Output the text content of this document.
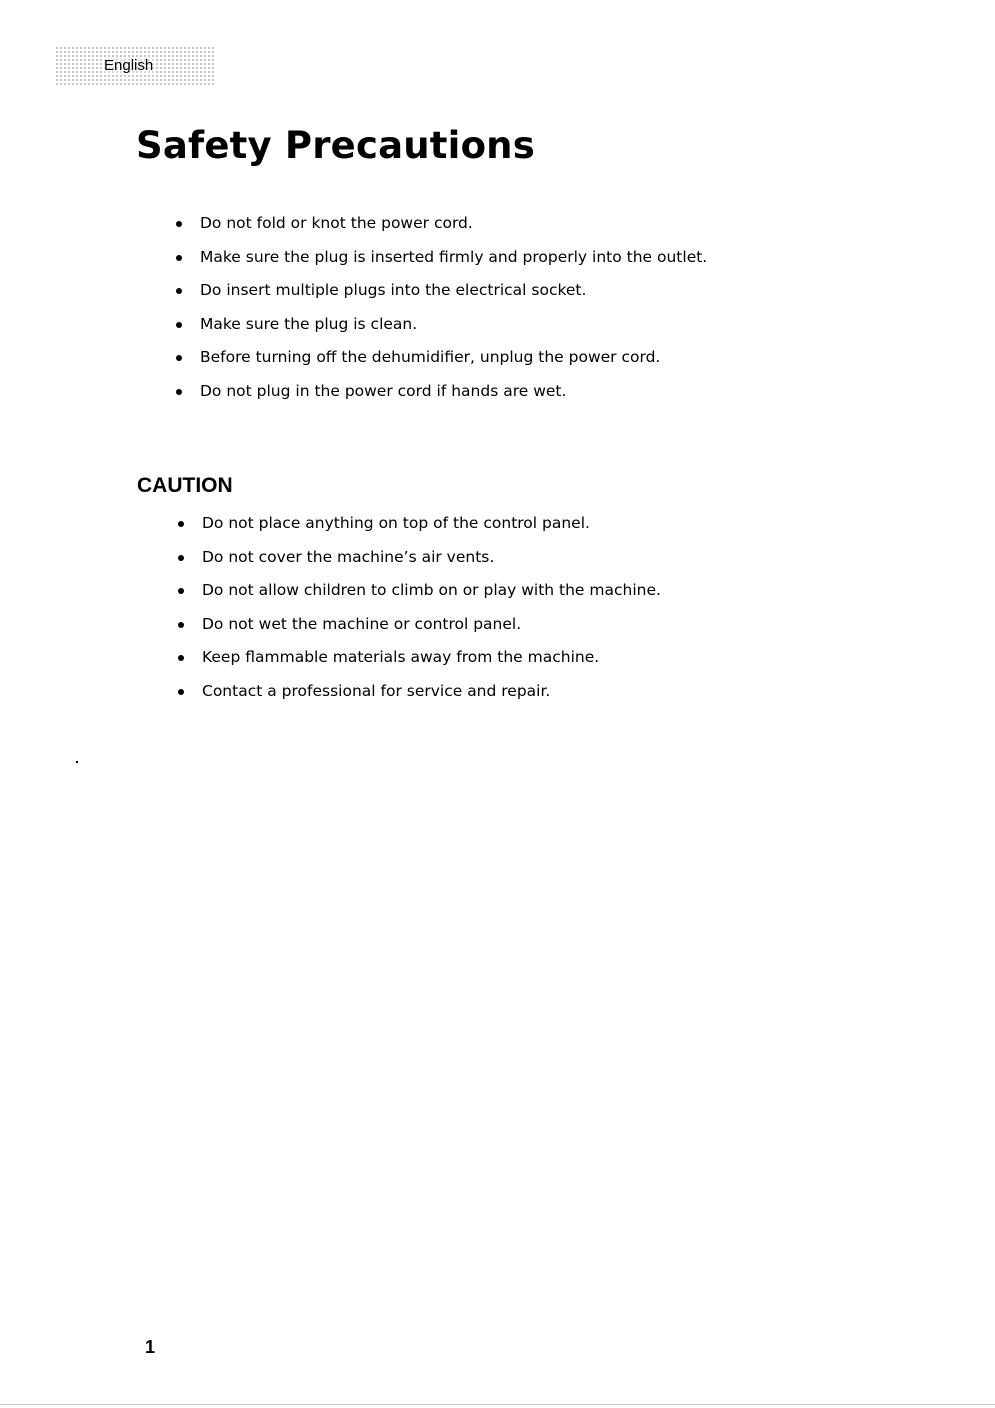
English
Safety Precautions
Do not fold or knot the power cord.
Make sure the plug is inserted firmly and properly into the outlet.
Do insert multiple plugs into the electrical socket.
Make sure the plug is clean.
Before turning off the dehumidifier, unplug the power cord.
Do not plug in the power cord if hands are wet.
CAUTION
Do not place anything on top of the control panel.
Do not cover the machine’s air vents.
Do not allow children to climb on or play with the machine.
Do not wet the machine or control panel.
Keep flammable materials away from the machine.
Contact a professional for service and repair.
1
